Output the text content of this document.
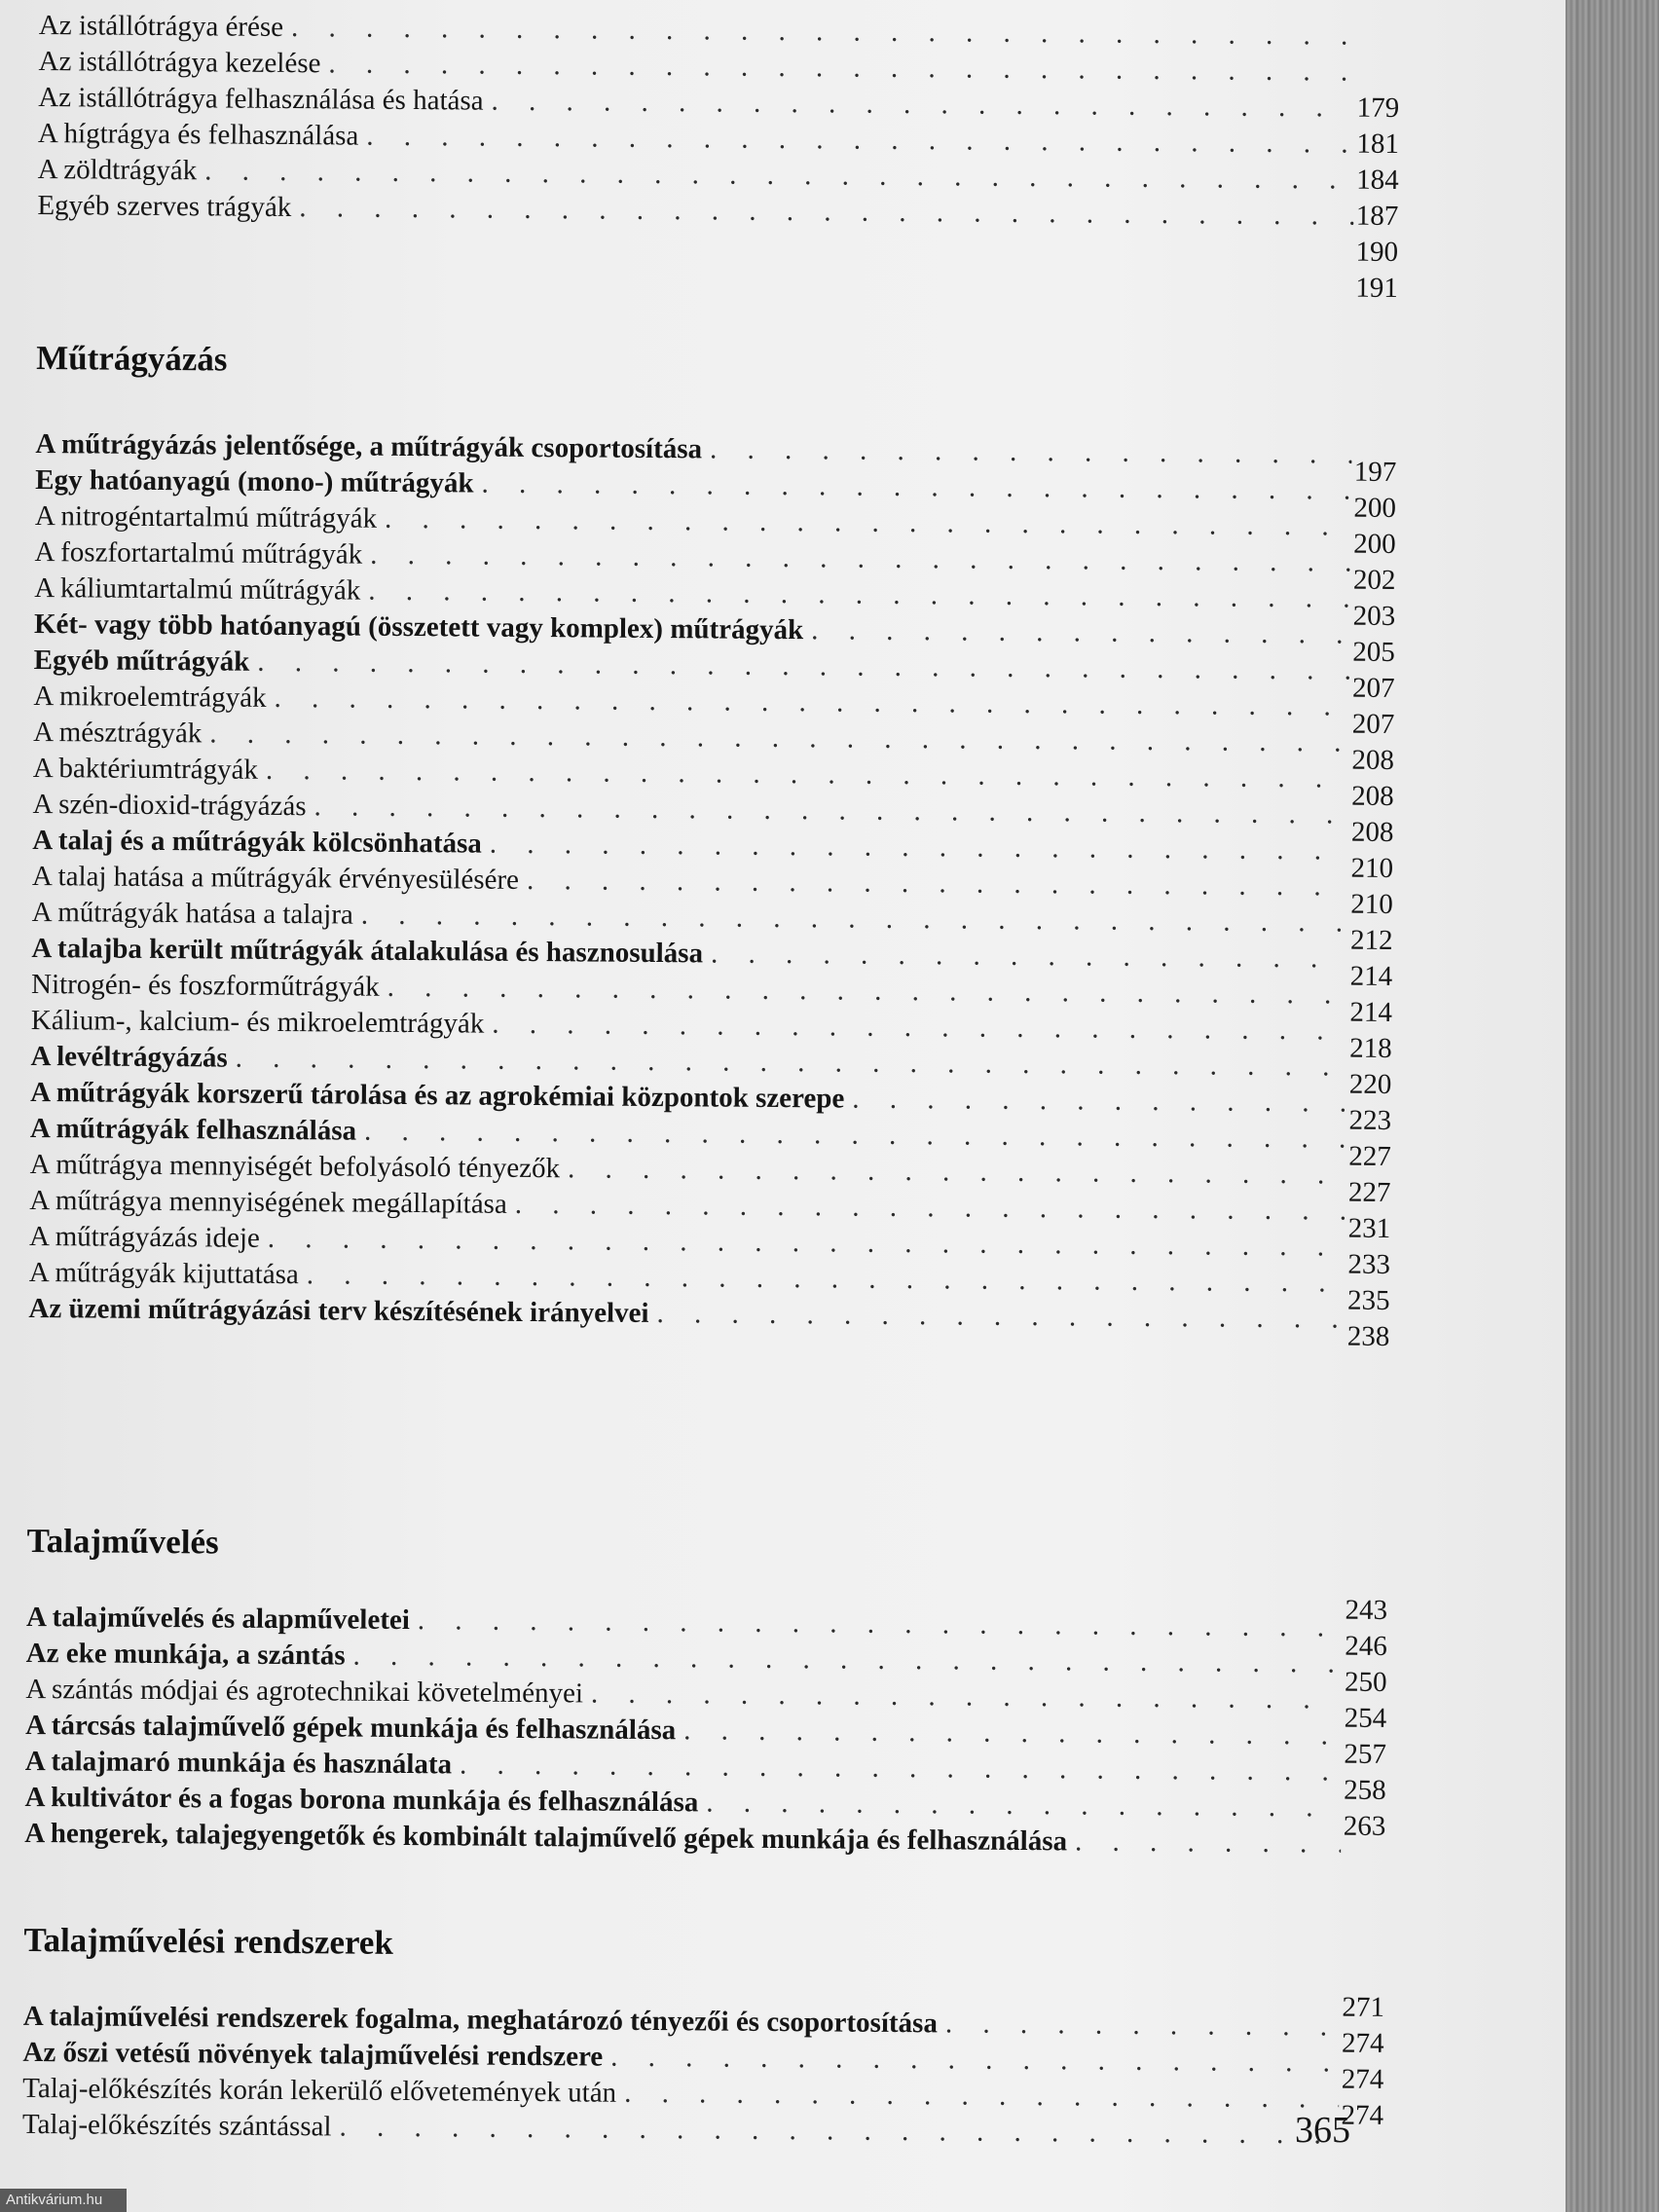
Az istállótrágya érése
. . .
Az istállótrágya kezelése
. . .
Az istállótrágya felhasználása és hatása
. . .
A hígtrágya és felhasználása
. . .
A zöldtrágyák
. . .
Egyéb szerves trágyák
. . .
179
181
184
187
190
191
Műtrágyázás
A műtrágyázás jelentősége, a műtrágyák csoportosítása
. . .
Egy hatóanyagú (mono-) műtrágyák
. . .
A nitrogéntartalmú műtrágyák
. . .
A foszfortartalmú műtrágyák
. . .
A káliumtartalmú műtrágyák
. . .
Két- vagy több hatóanyagú (összetett vagy komplex) műtrágyák
. . .
Egyéb műtrágyák
. . .
A mikroelemtrágyák
. . .
A mésztrágyák
. . .
A baktériumtrágyák
. . .
A szén-dioxid-trágyázás
. . .
A talaj és a műtrágyák kölcsönhatása
. . .
A talaj hatása a műtrágyák érvényesülésére
. . .
A műtrágyák hatása a talajra
. . .
A talajba került műtrágyák átalakulása és hasznosulása
. . .
Nitrogén- és foszforműtrágyák
. . .
Kálium-, kalcium- és mikroelemtrágyák
. . .
A levéltrágyázás
. . .
A műtrágyák korszerű tárolása és az agrokémiai központok szerepe
. . .
A műtrágyák felhasználása
. . .
A műtrágya mennyiségét befolyásoló tényezők
. . .
A műtrágya mennyiségének megállapítása
. . .
A műtrágyázás ideje
. . .
A műtrágyák kijuttatása
. . .
Az üzemi műtrágyázási terv készítésének irányelvei
. . .
197
200
200
202
203
205
207
207
208
208
208
210
210
212
214
214
218
220
223
227
227
231
233
235
238
Talajművelés
A talajművelés és alapműveletei
. . .
Az eke munkája, a szántás
. . .
A szántás módjai és agrotechnikai követelményei
. . .
A tárcsás talajművelő gépek munkája és felhasználása
. . .
A talajmaró munkája és használata
. . .
A kultivátor és a fogas borona munkája és felhasználása
. . .
A hengerek, talajegyengetők és kombinált talajművelő gépek munkája és felhasználása
. . .
243
246
250
254
257
258
263
Talajművelési rendszerek
A talajművelési rendszerek fogalma, meghatározó tényezői és csoportosítása
. . .
Az őszi vetésű növények talajművelési rendszere
. . .
Talaj-előkészítés korán lekerülő elővetemények után
. . .
Talaj-előkészítés szántással
. . .
271
274
274
274
365
Antikvárium.hu
